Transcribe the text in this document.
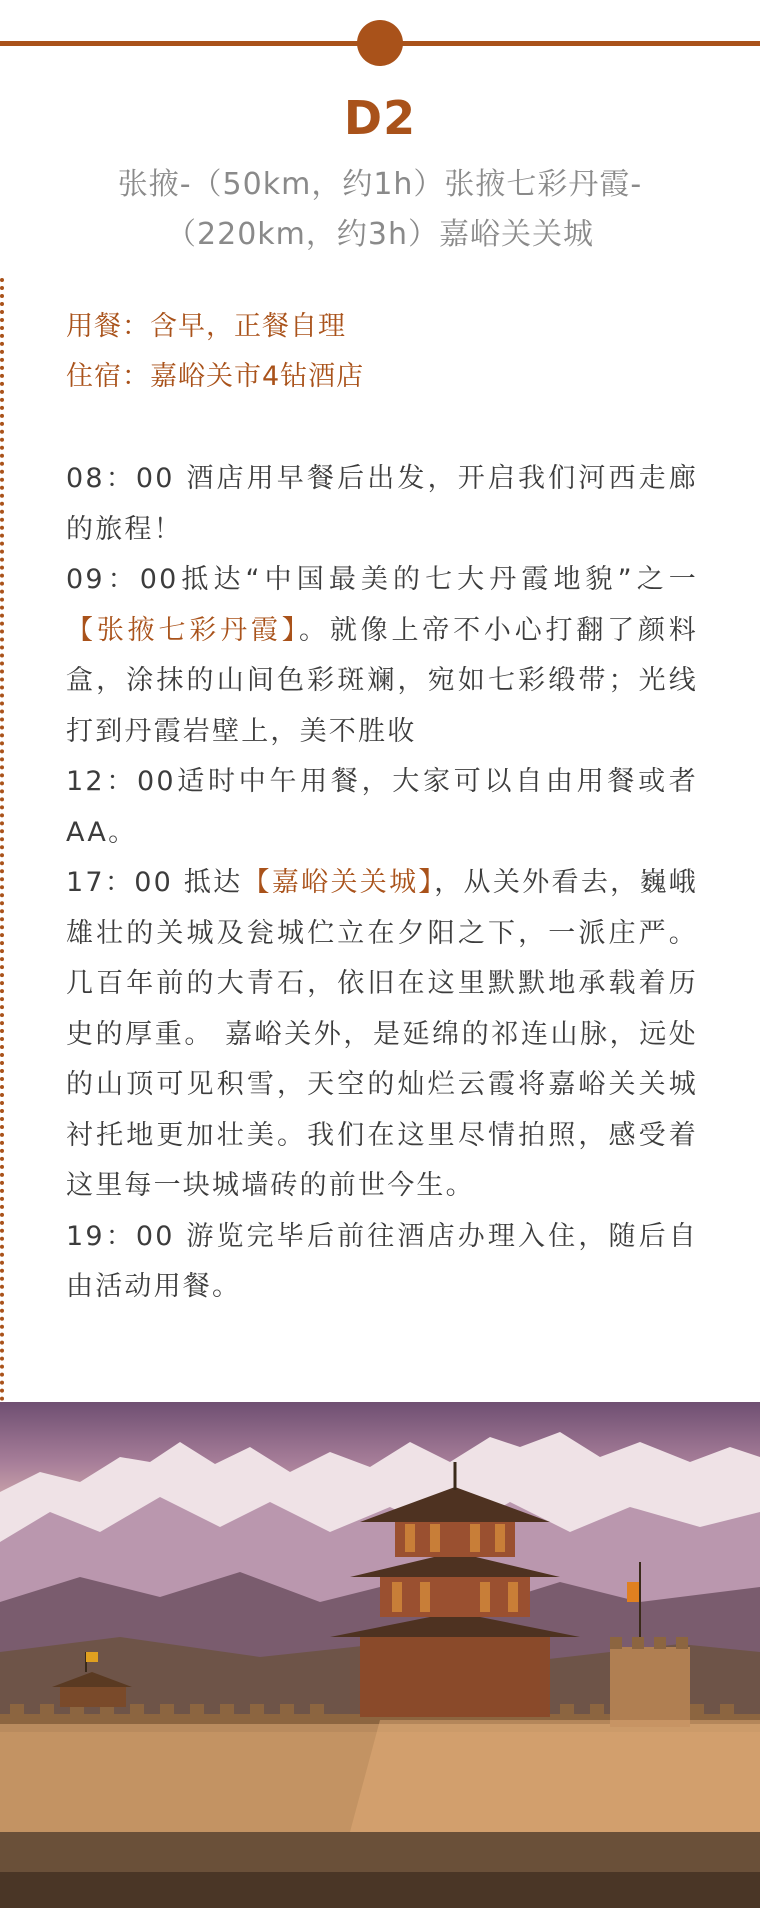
D2
张掖-（50km，约1h）张掖七彩丹霞-（220km，约3h）嘉峪关关城
用餐：含早，正餐自理
住宿：嘉峪关市4钻酒店

08：00 酒店用早餐后出发，开启我们河西走廊的旅程！

09：00抵达“中国最美的七大丹霞地貌”之一【张掖七彩丹霞】。就像上帝不小心打翻了颜料盒，涂抹的山间色彩斑斓，宛如七彩缎带；光线打到丹霞岩壁上，美不胜收

12：00适时中午用餐，大家可以自由用餐或者AA。

17：00 抵达【嘉峪关关城】，从关外看去，巍峨雄壮的关城及瓮城伫立在夕阳之下，一派庄严。几百年前的大青石，依旧在这里默默地承载着历史的厚重。 嘉峪关外，是延绵的祁连山脉，远处的山顶可见积雪，天空的灿烂云霞将嘉峪关关城衬托地更加壮美。我们在这里尽情拍照，感受着这里每一块城墙砖的前世今生。

19：00 游览完毕后前往酒店办理入住，随后自由活动用餐。
